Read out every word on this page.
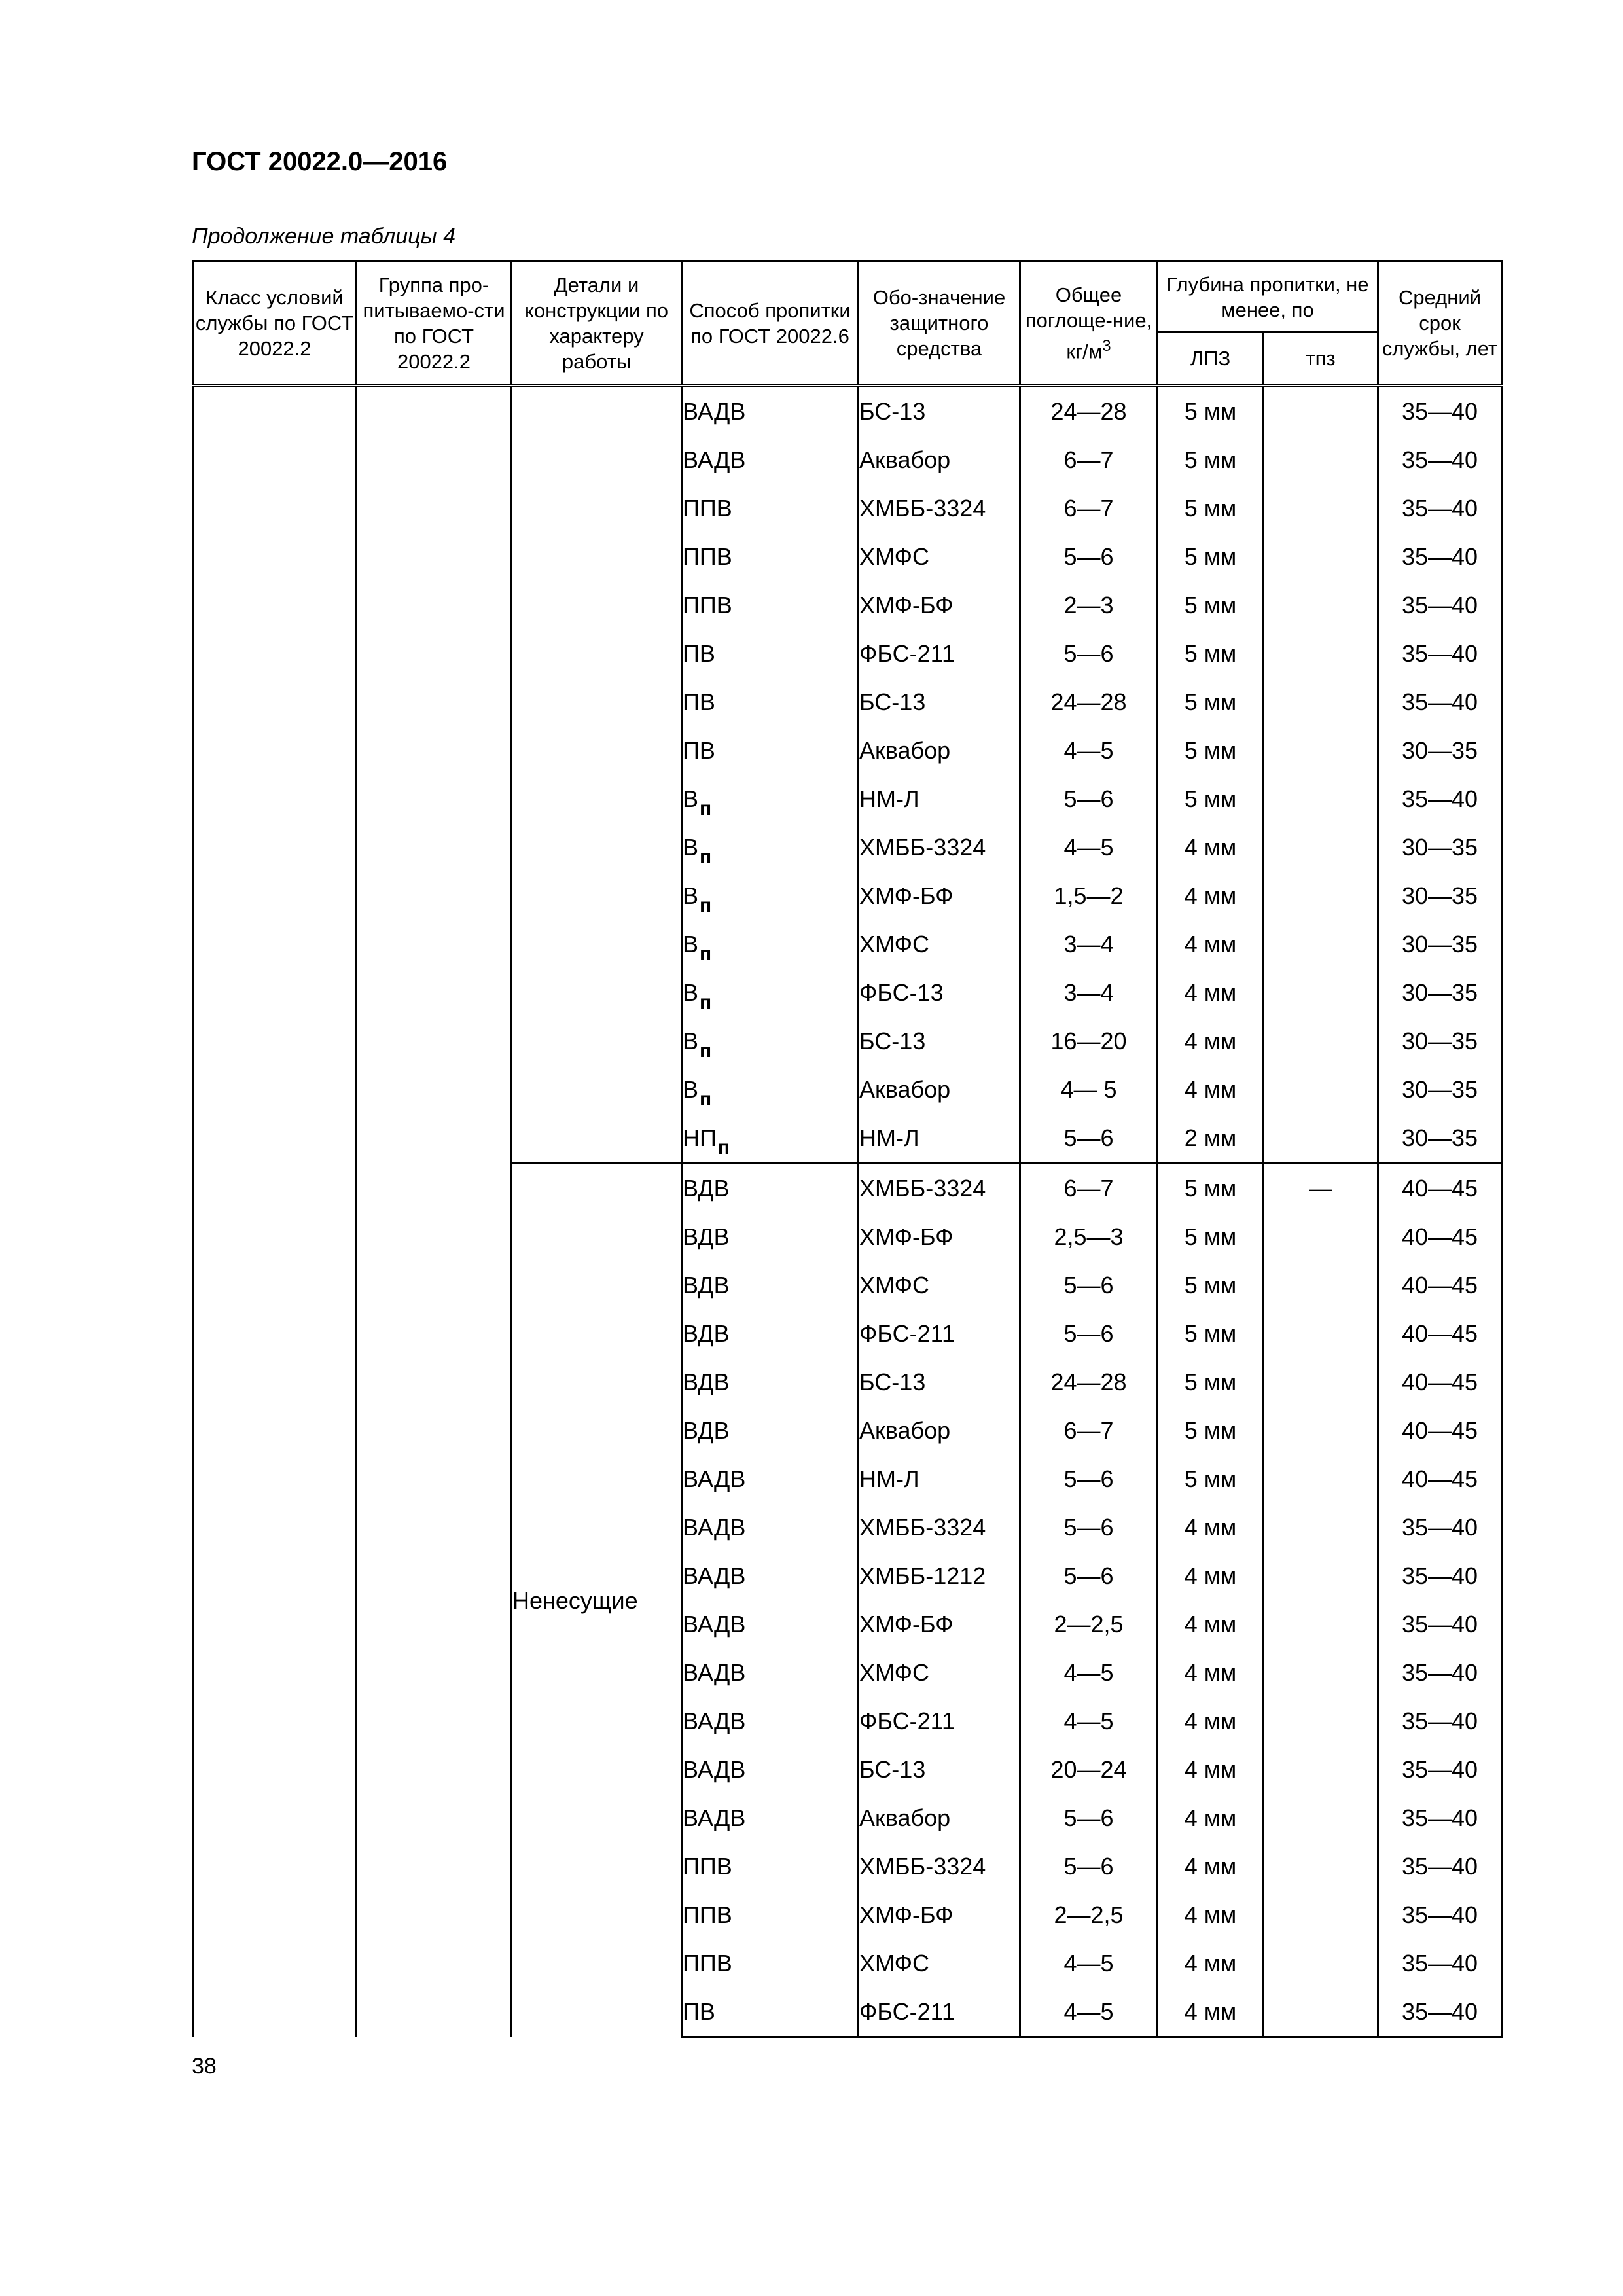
ГОСТ 20022.0—2016
Продолжение таблицы 4
Класс условий службы по ГОСТ 20022.2	Группа про-питываемо-сти по ГОСТ 20022.2	Детали и конструкции по характеру работы	Способ пропитки по ГОСТ 20022.6	Обо-значение защитного средства	Общее поглоще-ние, $кг/м^3$	Глубина пропитки, не менее, по		Средний срок службы, лет
						ЛПЗ	тпз	
			ВАДВ	БС-13	24—28	5 мм		35—40
			ВАДВ	Аквабор	6—7	5 мм		35—40
			ППВ	ХМББ-3324	6—7	5 мм		35—40
			ППВ	ХМФС	5—6	5 мм		35—40
			ППВ	ХМФ-БФ	2—3	5 мм		35—40
			ПВ	ФБС-211	5—6	5 мм		35—40
			ПВ	БС-13	24—28	5 мм		35—40
			ПВ	Аквабор	4—5	5 мм		30—35
			$В_п$	НМ-Л	5—6	5 мм		35—40
			$В_п$	ХМББ-3324	4—5	4 мм		30—35
			$В_п$	ХМФ-БФ	1,5—2	4 мм		30—35
			$В_п$	ХМФС	3—4	4 мм		30—35
			$В_п$	ФБС-13	3—4	4 мм		30—35
			$В_п$	БС-13	16—20	4 мм		30—35
			$В_п$	Аквабор	4— 5	4 мм		30—35
			$НП_п$	НМ-Л	5—6	2 мм		30—35
		Ненесущие	ВДВ	ХМББ-3324	6—7	5 мм	—	40—45
			ВДВ	ХМФ-БФ	2,5—3	5 мм		40—45
			ВДВ	ХМФС	5—6	5 мм		40—45
			ВДВ	ФБС-211	5—6	5 мм		40—45
			ВДВ	БС-13	24—28	5 мм		40—45
			ВДВ	Аквабор	6—7	5 мм		40—45
			ВАДВ	НМ-Л	5—6	5 мм		40—45
			ВАДВ	ХМББ-3324	5—6	4 мм		35—40
			ВАДВ	ХМББ-1212	5—6	4 мм		35—40
			ВАДВ	ХМФ-БФ	2—2,5	4 мм		35—40
			ВАДВ	ХМФС	4—5	4 мм		35—40
			ВАДВ	ФБС-211	4—5	4 мм		35—40
			ВАДВ	БС-13	20—24	4 мм		35—40
			ВАДВ	Аквабор	5—6	4 мм		35—40
			ППВ	ХМББ-3324	5—6	4 мм		35—40
			ППВ	ХМФ-БФ	2—2,5	4 мм		35—40
			ППВ	ХМФС	4—5	4 мм		35—40
			ПВ	ФБС-211	4—5	4 мм		35—40
38
